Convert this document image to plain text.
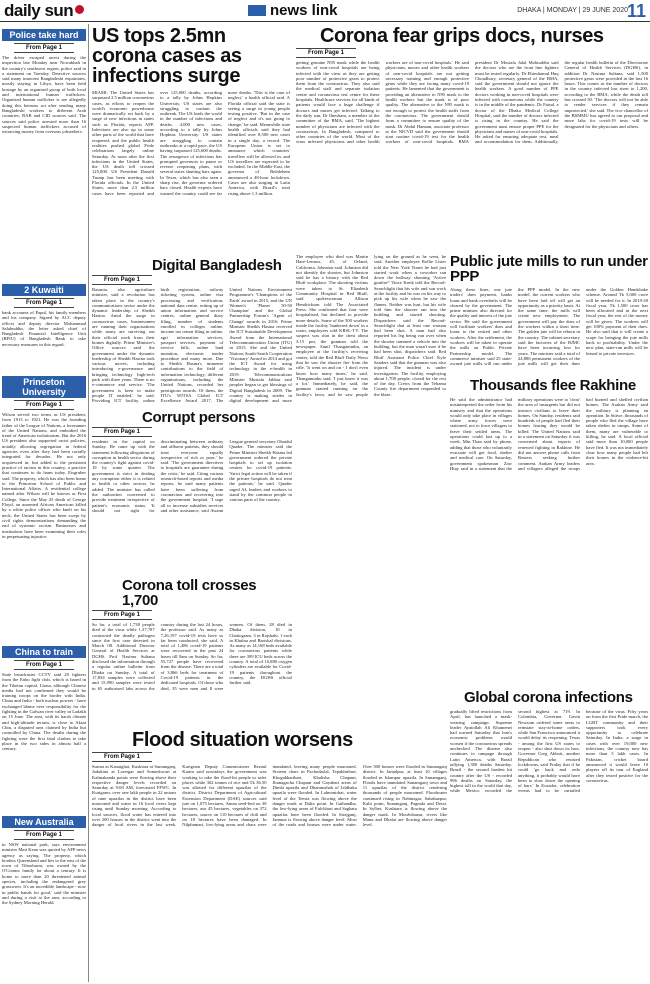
daily sun	news link	DHAKA | MONDAY | 29 JUNE 2020
11
Police take hard
From Page 1
The driver escaped arrest during the inspection late Monday near Nowakhali in the country's southwest region, police said in a statement on Tuesday. Detective sources said many innocent Bangladeshi expatriates, mostly staying in Libya, have been held hostage by an organised group of both local and international human traffickers. Organised human trafficker is are allegedly doing this heinous act after sending many Bangladeshi workers to different Arab countries, RAB and CID sources said. The sources said police arrested more than 16 suspected human traffickers accused of extracting money from overseas jobseekers.
2 Kuwaiti
From Page 1
bank accounts of Papul, his family members and his company. Signed by ACC deputy officer and deputy director Mohammad Salahuddin, the letter asked chief of Bangladesh Financial Intelligence Unit (BFIU) of Bangladesh Bank to take necessary measures in this regard.
Princeton University
From Page 1
Wilson served two terms as US president, from 1913 to 1921. He was the founding father of the League of Nations, a forerunner of the United Nations, and embodied the trend of American isolationism. But the 2016 US president also supported racist policies, notably allowing segregation in federal agencies even after they had been racially integrated for decades. He not only acquiesced in, but added to the persistent practice of racism in this country, a practice that continues to do harm today. Eisgruber said. The property, which has also been home to the Princeton School of Public and International Affairs. A residential college named after Wilson will be known as First College. Since the May 25 death of George Floyd, an unarmed African American killed by a white police officer who knelt on his neck, the United States has been swept by civil rights demonstrations demanding the end of systemic racism. Businesses and institutions have been examining their roles in perpetuating injustice.
China to train
From Page 1
State broadcaster CCTV said 20 fighters from the Enbo fight club, which is based in the Tibetan capital, Lhasa, although Chinese media had not confirmed they would be training troops on the border with India. China and India - both nuclear powers - have exchanged blame over responsibility for the fighting in the Galwan river valley in Ladakh on 15 June. The area, with its harsh climate and high-altitude terrain, is close to Aksai Chin, a disputed area claimed by India but controlled by China. The deaths during the fighting were the first fatal clashes to take place in the two sides in almost half a century.
New Australia
From Page 1
in NSW national park, says environment minister Matt Kean was quoted by AFP news agency as saying. The property, which borders Queensland and lies to the east of the town of Tibooburra, was owned by the O'Connor family for about a century. It is home to more than 20 threatened animal species, including the endangered grey grasswren. It's an incredible landscape - now in public hands for good,' said the minister and during a visit to the area, according to the Sydney Morning Herald.
US tops 2.5mn corona cases as infections surge
MIAMI: The United States has surpassed 2.5 million coronavirus cases, as efforts to reopen the world's economic powerhouse were dramatically set back by a surge of new infections in states such as Florida, reports AFP. Infections are also up in some other parts of the world that have reopened, and the public health realities pushed global Pride celebrations largely online Saturday. At noon after the first infections in the United States, the US death toll crossed 125,000. US President Donald Trump has been meeting with Florida officials. In the United States, more than 2.5 million cases have been reported and over 125,000 deaths, according to a tally by Johns Hopkins University. US states are also struggling to contain the outbreak. The US leads the world in the number of infections and deaths. 4,000 new cases, according to a tally by Johns Hopkins University. US states are struggling to contain outbreaks at a rapid pace, the US having surpassed 125,600 deaths. The resurgence of infections has prompted governors to pause or reverse reopening plans, with several states shutting bars again. In Texas, which has also seen a sharp rise, the governor ordered bars closed. Health experts have warned the country could see far more deaths. 'This is the case of neglect,' a health official said. A Florida official said the state is seeing a surge in young people testing positive. 'But in the case of neglect and it's not going to change,' he said. Meanwhile state health officials said they had identified over 8,500 new cases in a single day, a record. The European Union is set to announce which countries' travellers will be allowed in, and US travellers are expected to be excluded. In the Middle East, the governor of Bethlehem announced a 48-hour lockdown. Cases are also surging in Latin America, with Brazil's total rising above 1.3 million.
Corona fear grips docs, nurses
From Page 1
getting genuine N95 mask while the health workers of non-covid hospitals are being infected with the virus as they are getting poor number of protective gears to protect them from the coronavirus. They also said the medical staff and separate isolation centre and coronavirus test centre for these hospitals. Healthcare services for all kinds of patients would face a huge challenge if doctors and nurses get infected. Talking to the daily sun, Dr Ihtesham, a member of the committee of the BMA, said, 'The highest number of physicians are infected with the coronavirus. In Bangladesh, compared to other countries of the world. Most of the virus infected physicians and other health workers are of non-covid hospitals.' He said physicians, nurses and other health workers of non-covid hospitals are not getting necessary training and enough protective gears while they are facing many covid-19 patients. He lamented that the government is providing an alternative to N95 mask to the health workers but the mask is of poor quality. The alternative to the N95 mask is not enough to protect the health staffs from the coronavirus. The government should form a committee to ensure quality of the mask. Dr Abdul Hannan, associate professor at the NICVD said the government should start routine covid-19 test for the health workers of non-covid hospitals. BMA president Dr Mostafa Jalal Mohiuddin said the doctors who are the front line fighters must be tested regularly. Dr Ehteshamul Huq Choudhury, secretary general of the BMA, said the government should not ignore the health workers. A good number of PPE doctors working in non-covid hospitals were infected with coronavirus while the country is in the middle of the pandemic. Dr Faisal, a doctor of the Dhaka Medical College Hospital, said the number of doctors infected is rising in the country. He said the government must ensure proper PPE for the physicians and nurses of non-covid hospitals. He asked for ensuring adequate rest, meal and accommodation for them. Additionally, the regular health bulletin of the Directorate General of Health Services (DGHS), in addition Dr Nasima Sultana, said 1,500 protective gears were provided in the last 16 hours. This comes as the number of doctors in the country infected has risen to 1,200, according to the BMA, while the death toll has crossed 50. 'The doctors will not be able to render services if they remain unprotected,' she said. The vice chancellor of the BSMMU has agreed to our proposal and more labs for covid-19 tests will be designated for the physicians and others.
Public jute mills to run under PPP
Along these lines, one jute traders' dues payment, banks loans and bank overdrafts will be cleared by the government. The prime minister also directed for the quality and interest of the jute sector. He said the government will facilitate workers' dues and loans to the retired and other workers. After the settlement, the workers will be taken to operate the mills on Public Private Partnership model. The commerce minister said 25 state-owned jute mills will run under the PPP model. In the new model, the current workers who have been laid off will get an opportunity as a priority basis. At the same time, the mills will create new employment. The government will pay the dues of the workers within a short time. The golden jute will be reborn in the country. The cabinet secretary said the factories of the BJMC have been incurring loss for years. The minister said a total of 24,886 permanent workers of the jute mills will get their dues under the Golden Handshake scheme. Around Tk 5,000 crore will be needed for it. In 2019-20 fiscal year, Tk 1,500 crore has been allocated and in the next fiscal year, the rest of the money will be given. The workers will get 100% payment of their dues. He also said that it will create a scope for bringing the jute mills back to profitability. Under the new plan, state-run mills will be leased to private investors.
The employee who died was Martin Hare-Lennox, 45, of Orland, California, Johnston said. Johnston did not identify the shooter, but Johnston said he has a history with the Red Bluff workplace. The shooting victims were taken to St. Elizabeth Community Hospital in Red Bluff, said spokeswoman Allison Hendrickson told The Associated Press. She confirmed that four were hospitalised, but declined to provide more details. Some of the 500 workers inside the facility 'hunkered down' in a room, employees told KRSL-TV. The suspect was shot in the chest about 3:15 pm, the gunman told the newspaper. Sunil Thangamuthu, an employee at the facility's receiving center, told the Red Bluff Daily News that he saw the shooter fire from the rifle. 'It went on and on - I don't even know how many times,' he said. Thangamuthu said, 'I just knew it was a lot.' Immediately, he said, the gunman started running on the facility's lawn, and he saw people lying on the ground as he went, he said. Another employee Rollie Lister told the New York Times he had just started work when a coworker ran down the hallway shouting 'Active gunfire!' Vince Kreik told the Record-Searchlight that his wife and son work at the facility and he was on his way to pick up his wife when he saw the flames. Neither was hurt, but his wife told him the shooter ran into the building and started shooting. Dispatchers said the Record-Searchlight that at least one woman had been shot. A man had also reported his leg being run over when the shooter rammed a vehicle into the building, but the man wasn't sure if he had been shot, dispatchers said. Red Bluff Assistant Police Chief Kyle Sanders said that the gunman was also injured. The incident is under investigation. The facility, employing about 1,700 people, closed for the rest of the day. Crews from the Tehama County fire department responded to the blaze.
Digital Bangladesh
From Page 1
Basunia, also agriculture minister, said a revolution has taken place in the country's communications sector under the dynamic leadership of Sheikh Hasina. Amid the surge in coronavirus cases, businessmen are running their organisations while many are surviving out their official work from their homes digitally. Prime Minister's Office sources said the government under the dynamic leadership of Sheikh Hasina took various moves, including introducing e-governance and bringing technology high-tech park with three years. There is no e-commerce and service. 'The government is keen to make people IT enabled,' he said. Providing ICT facility, online birth registration, railway ticketing system, online visa processing and verification, national data centre, setting up of union information and service centres, online general diary filing, number of students enrolled in colleges online, income tax return filing in online, agri information services, passport services, payment of service bills, online land mutation, electronic tender procedure and many more. Due to Sheikh Hasina's immense contributions to the field of information technology, different organisations, including the United Nations, recorded her prestigious awards. Of them, the ITU's WITSA Global ICT Excellence Award 2017, The United Nations Environment Programme's 'Champions of the Earth' award in 2015, and the UN Women's 'Planet 50-50 Champion' and the Global Partnership Forum's 'Agent of Change' awards in 2016. Prime Minister Sheikh Hasina received the ICT Sustainable Development Award from the International Telecommunication Union (ITU) in 2015. She and the United Nations South-South Cooperation 'Visionary' Award in 2014 and got the ICT Award for using technology in the e-health in 2019. Telecommunications Minister Mustafa Jabbar said peoples began to get blessings of Digital Bangladesh in 2009. The country is making strides in digital development and more
Thousands flee Rakhine
He said the administrator had misinterpreted the order from his ministry and that the operations would only take place in villages where army forces were stationed, not to force villagers to leave their settled areas. The operations could last up to a week, Min Than said by phone, adding that those who voluntarily evacuate will get food, shelter and medical care. On Saturday, government spokesman Zaw Htay said in a statement that the military operations were to 'clear' the area of insurgents but did not instruct civilians to leave their homes. On Sunday, residents said hundreds of people had fled their homes fearing they would be killed. The United Nations said in a statement on Saturday it was concerned about reports of renewed fighting in Rakhine. He did not answer phone calls from Reuters seeking further comment. Arakan Army leaders and villagers alleged the troops had burned and shelled civilian homes. The Arakan Army said the military is planning an operation. In Sittwe, thousands of people who fled the village have taken shelter in camps. Some of them, many are vulnerable to killing, he said. A local official said more than 10,000 people have fled. It was not immediately clear how many people had left their homes in the violence-hit area.
Corrupt persons
From Page 1
residents in the capital on Sunday. He came up with the statement following allegations of corruption in health sector during the country's fight against covid-19 by some quarter. The government is strict in dealing any corruption either it is related to health or other sectors, he added. The minister has called the authorities concerned to provide treatment irrespective of patient's economic status. 'It should not right for discriminating between ordinary and affluent patients, they should treat everyone equally irrespective of rich or poor,' he said. 'The government directives to hospitals are guarantee during the crisis,' he said. Citing various research-based reports and media reports, he said many patients have been suffering from coronavirus and recovering into the government hospital. 'I urge all to increase subsidies services and other assistance, said Awami League general secretary Obaidul Quader. The minister said the Prime Minister Sheikh Hasina led government ordered the private hospitals to set up isolation centres for covid-19 patients. 'Strict legal action will be taken if the private hospitals do not treat the patients,' he said. Quader urged AL leaders and workers to stand by the common people in various parts of the country.
Corona toll crosses 1,700
From Page 1
So far, a total of 1,738 people died of the virus while 1,37,787 contracted the deadly pathogen since the first case detected in March 08. Additional Director General of Health Services at DGHS Prof Nasima Sultana disclosed the information through a regular online bulletin from Dhaka on Sunday. A total of 17,834 samples were collected and 15,990 samples were tested in 65 authorised labs across the country during the last 24 hours, the professor said. As many as 7,26,197 covid-19 tests have so far been conducted, she said. A total of 1,486 covid-19 patients were recovered in the past 24 hours till 8am on Sunday. So far, 55,727 people have recovered from the disease. There are a total of 3,866 beds for treatment of Covid-19 patients in the dedicated hospitals. Of those who died, 35 were men and 8 were women. Of them, 28 died in Dhaka division, 10 in Chattogram, 3 in Rajshahi, 1 each in Khulna and Barishal divisions. As many as 14,168 beds available for coronavirus patients while there are 399 ICU beds across the country. A total of 10,880 oxygen cylinders are available for Covid-19 patients throughout the country, the DGHS official further said.
Global corona infections
gradually lifted restrictions from April, has launched a mask-wearing campaign. Supreme leader Ayatollah Ali Khamenei had warned Saturday that Iran's economic problems would worsen if the coronavirus spreads unchecked. The disease also continues to rampage through Latin America, with Brazil tallying 1,300 deaths Saturday. Brazil - the second hardest hit country after the US - recorded 996 deaths on Saturday, the highest toll in the world that day, while Mexico recorded the second highest at 719. In Colombia, Governor Gavin Newsom ordered some areas to reinstate stay-at-home orders, while San Francisco announced it would delay its reopening. Texas - among the first US states to reopen - also shut down its bars. Governor Greg Abbott, another Republican who resisted lockdowns, said Friday that if he could 'go back and redo anything, it probably would have been to slow down the opening of bars.' In Ecuador, celebration events had to be curtailed because of the virus. Fifty years on from the first Pride march, the LGBT community and their supporters took every opportunity to celebrate Saturday. In India, a surge in cases with over 19,000 new infections, the country now has more than 5 lakh cases. In Pakistan, cricket board announced it would leave 10 players off its tour of England after they tested positive for the coronavirus.
Flood situation worsens
From Page 1
Surma at Kanaighat, Kushiara at Sunamganj, Jadukata at Lorergar and Someshwari at Kalmakanda points were flowing above their respective danger levels recorded on Saturday at 9:00 AM, forecasted FFWC. In Kurigram, over one lakh people in 22 unions of nine upazilas in the district have been marooned and water in 16 local rivers kept rising until Sunday morning. According to local sources, flood water has entered into over 200 houses in the district went into the danger of local rivers in the last week. Kurigram Deputy Commissioner Rezaul Karim said nowadays the government was working to take the flood-hit people to safer places while 302 tonnes of rice and Tk 36.50 was allotted for different upazilas of the district. District Department of Agricultural Extension Department (DAE) sources said jute on 1,075 hectares, Aman seed-bed on 38 hectares, aus 45 hectares, vegetables on 372 hectares, source on 110 hectares of chili and on 18 hectares have been damaged. In Nilphamari, low-lying areas and chars were inundated, leaving many people marooned. Sixteen chars in Pachodarlal, Tepakhribari, Khogakharibari, Khalisha Chapani, Jhunagacha Chapani and Gayabari areas of Dimla upazila and Dharamshah of Jaldhaka upazila were flooded. In Lalmonirhat, water level of the Teesta was flowing above the danger mark at Dalia point. In Gaibandha, the low-lying areas of Fulchhari and Saghata upazilas have been flooded. In Sirajganj, Jamuna is flowing above danger level. Most of the roads and houses were under water. Over 500 houses were flooded in Sunamganj district. In Jamalpur, at least 10 villages flooded in Islampur upazila. In Sunamganj, Floods have inundated Sunamganj town and 11 upazilas of the district rendering thousands of people marooned. Floodwater continued rising in Nabinagar, Sahabazpur, Kalir point, Sunamganj, Pagnala and Derai. In Sylhet, Kushiara is flowing above the danger mark. In Moulvibazar, rivers like Manu and Dhalai are flowing above danger level.
